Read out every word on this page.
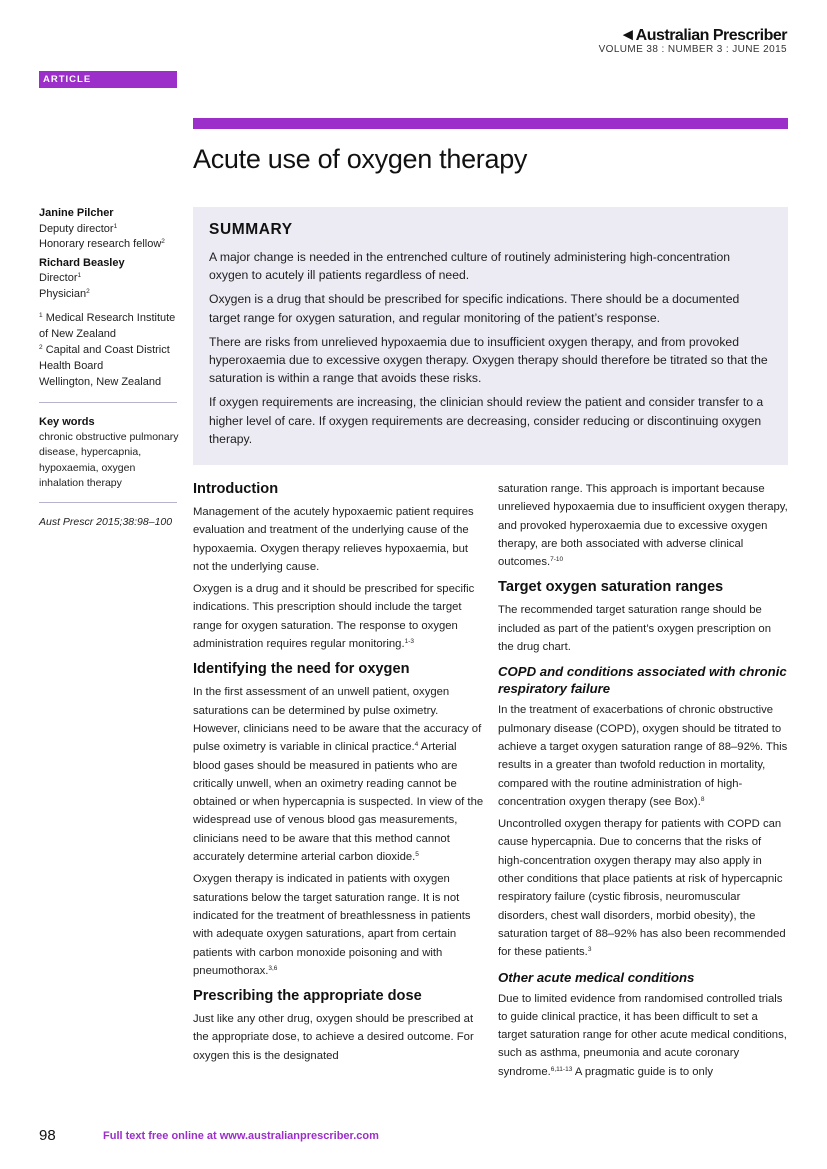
◄Australian Prescriber
VOLUME 38 : NUMBER 3 : JUNE 2015
ARTICLE
Acute use of oxygen therapy
Janine Pilcher
Deputy director$^1$
Honorary research fellow$^2$
Richard Beasley
Director$^1$
Physician$^2$

$^1$ Medical Research Institute of New Zealand

$^2$ Capital and Coast District Health Board

Wellington, New Zealand

Key words
chronic obstructive pulmonary disease, hypercapnia, hypoxaemia, oxygen inhalation therapy
Aust Prescr 2015;38:98–100
SUMMARY

A major change is needed in the entrenched culture of routinely administering high-concentration oxygen to acutely ill patients regardless of need.

Oxygen is a drug that should be prescribed for specific indications. There should be a documented target range for oxygen saturation, and regular monitoring of the patient’s response.

There are risks from unrelieved hypoxaemia due to insufficient oxygen therapy, and from provoked hyperoxaemia due to excessive oxygen therapy. Oxygen therapy should therefore be titrated so that the saturation is within a range that avoids these risks.

If oxygen requirements are increasing, the clinician should review the patient and consider transfer to a higher level of care. If oxygen requirements are decreasing, consider reducing or discontinuing oxygen therapy.

Introduction

Management of the acutely hypoxaemic patient requires evaluation and treatment of the underlying cause of the hypoxaemia. Oxygen therapy relieves hypoxaemia, but not the underlying cause.

Oxygen is a drug and it should be prescribed for specific indications. This prescription should include the target range for oxygen saturation. The response to oxygen administration requires regular monitoring.$^{1-3}$

Identifying the need for oxygen

In the first assessment of an unwell patient, oxygen saturations can be determined by pulse oximetry. However, clinicians need to be aware that the accuracy of pulse oximetry is variable in clinical practice.$^4$ Arterial blood gases should be measured in patients who are critically unwell, when an oximetry reading cannot be obtained or when hypercapnia is suspected. In view of the widespread use of venous blood gas measurements, clinicians need to be aware that this method cannot accurately determine arterial carbon dioxide.$^5$

Oxygen therapy is indicated in patients with oxygen saturations below the target saturation range. It is not indicated for the treatment of breathlessness in patients with adequate oxygen saturations, apart from certain patients with carbon monoxide poisoning and with pneumothorax.$^{3,6}$

Prescribing the appropriate dose

Just like any other drug, oxygen should be prescribed at the appropriate dose, to achieve a desired outcome. For oxygen this is the designated

saturation range. This approach is important because unrelieved hypoxaemia due to insufficient oxygen therapy, and provoked hyperoxaemia due to excessive oxygen therapy, are both associated with adverse clinical outcomes.$^{7-10}$

Target oxygen saturation ranges

The recommended target saturation range should be included as part of the patient’s oxygen prescription on the drug chart.

COPD and conditions associated with chronic respiratory failure

In the treatment of exacerbations of chronic obstructive pulmonary disease (COPD), oxygen should be titrated to achieve a target oxygen saturation range of 88–92%. This results in a greater than twofold reduction in mortality, compared with the routine administration of high-concentration oxygen therapy (see Box).$^8$

Uncontrolled oxygen therapy for patients with COPD can cause hypercapnia. Due to concerns that the risks of high-concentration oxygen therapy may also apply in other conditions that place patients at risk of hypercapnic respiratory failure (cystic fibrosis, neuromuscular disorders, chest wall disorders, morbid obesity), the saturation target of 88–92% has also been recommended for these patients.$^3$

Other acute medical conditions

Due to limited evidence from randomised controlled trials to guide clinical practice, it has been difficult to set a target saturation range for other acute medical conditions, such as asthma, pneumonia and acute coronary syndrome.$^{6,11-13}$ A pragmatic guide is to only

98	Full text free online at www.australianprescriber.com
